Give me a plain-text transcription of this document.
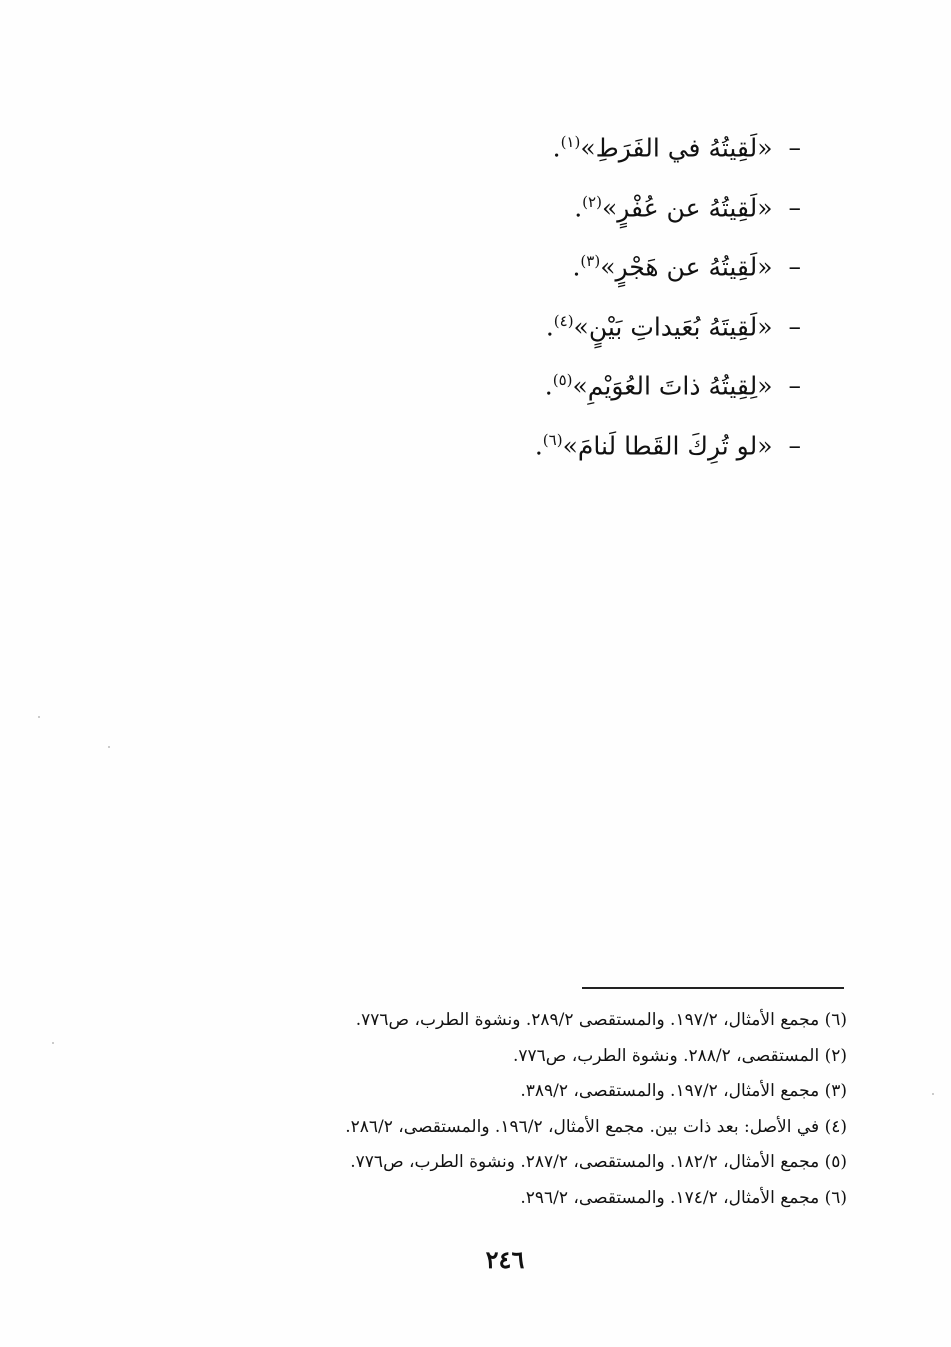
–«لَقِيتُهُ في الفَرَطِ»$^{(١)}$.
–«لَقِيتُهُ عن عُفْرٍ»$^{(٢)}$.
–«لَقِيتُهُ عن هَجْرٍ»$^{(٣)}$.
–«لَقِيتَهُ بُعَيداتِ بَيْنٍ»$^{(٤)}$.
–«لِقِيتُهُ ذاتَ العُوَيْمِ»$^{(٥)}$.
–«لو تُرِكَ القَطا لَنامَ»$^{(٦)}$.
(٦) مجمع الأمثال، ١٩٧/٢. والمستقصى ٢٨٩/٢. ونشوة الطرب، ص٧٧٦.
(٢) المستقصى، ٢٨٨/٢. ونشوة الطرب، ص٧٧٦.
(٣) مجمع الأمثال، ١٩٧/٢. والمستقصى، ٣٨٩/٢.
(٤) في الأصل: بعد ذات بين. مجمع الأمثال، ١٩٦/٢. والمستقصى، ٢٨٦/٢.
(٥) مجمع الأمثال، ١٨٢/٢. والمستقصى، ٢٨٧/٢. ونشوة الطرب، ص٧٧٦.
(٦) مجمع الأمثال، ١٧٤/٢. والمستقصى، ٢٩٦/٢.
٢٤٦
